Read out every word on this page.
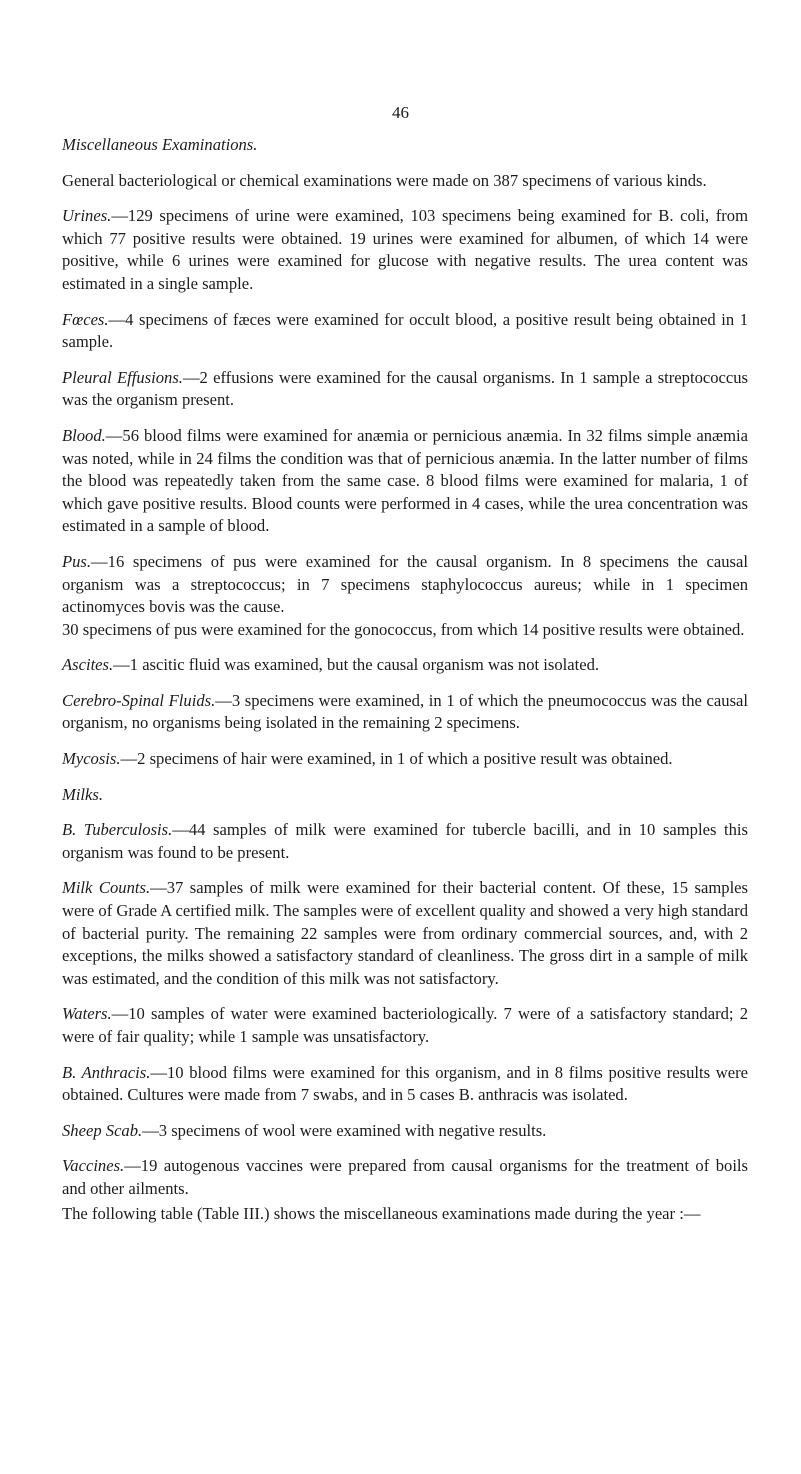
46

Miscellaneous Examinations.

General bacteriological or chemical examinations were made on 387 specimens of various kinds.

Urines.—129 specimens of urine were examined, 103 specimens being examined for B. coli, from which 77 positive results were obtained. 19 urines were examined for albumen, of which 14 were positive, while 6 urines were examined for glucose with negative results. The urea content was estimated in a single sample.

Fœces.—4 specimens of fæces were examined for occult blood, a positive result being obtained in 1 sample.

Pleural Effusions.—2 effusions were examined for the causal organisms. In 1 sample a streptococcus was the organism present.

Blood.—56 blood films were examined for anæmia or pernicious anæmia. In 32 films simple anæmia was noted, while in 24 films the condition was that of pernicious anæmia. In the latter number of films the blood was repeatedly taken from the same case. 8 blood films were examined for malaria, 1 of which gave positive results. Blood counts were performed in 4 cases, while the urea concentration was estimated in a sample of blood.

Pus.—16 specimens of pus were examined for the causal organism. In 8 specimens the causal organism was a streptococcus; in 7 specimens staphylococcus aureus; while in 1 specimen actinomyces bovis was the cause.

30 specimens of pus were examined for the gonococcus, from which 14 positive results were obtained.

Ascites.—1 ascitic fluid was examined, but the causal organism was not isolated.

Cerebro-Spinal Fluids.—3 specimens were examined, in 1 of which the pneumococcus was the causal organism, no organisms being isolated in the remaining 2 specimens.

Mycosis.—2 specimens of hair were examined, in 1 of which a positive result was obtained.

Milks.

B. Tuberculosis.—44 samples of milk were examined for tubercle bacilli, and in 10 samples this organism was found to be present.

Milk Counts.—37 samples of milk were examined for their bacterial content. Of these, 15 samples were of Grade A certified milk. The samples were of excellent quality and showed a very high standard of bacterial purity. The remaining 22 samples were from ordinary commercial sources, and, with 2 exceptions, the milks showed a satisfactory standard of cleanliness. The gross dirt in a sample of milk was estimated, and the condition of this milk was not satisfactory.

Waters.—10 samples of water were examined bacteriologically. 7 were of a satisfactory standard; 2 were of fair quality; while 1 sample was unsatisfactory.

B. Anthracis.—10 blood films were examined for this organism, and in 8 films positive results were obtained. Cultures were made from 7 swabs, and in 5 cases B. anthracis was isolated.

Sheep Scab.—3 specimens of wool were examined with negative results.

Vaccines.—19 autogenous vaccines were prepared from causal organisms for the treatment of boils and other ailments.

The following table (Table III.) shows the miscellaneous examinations made during the year :—
